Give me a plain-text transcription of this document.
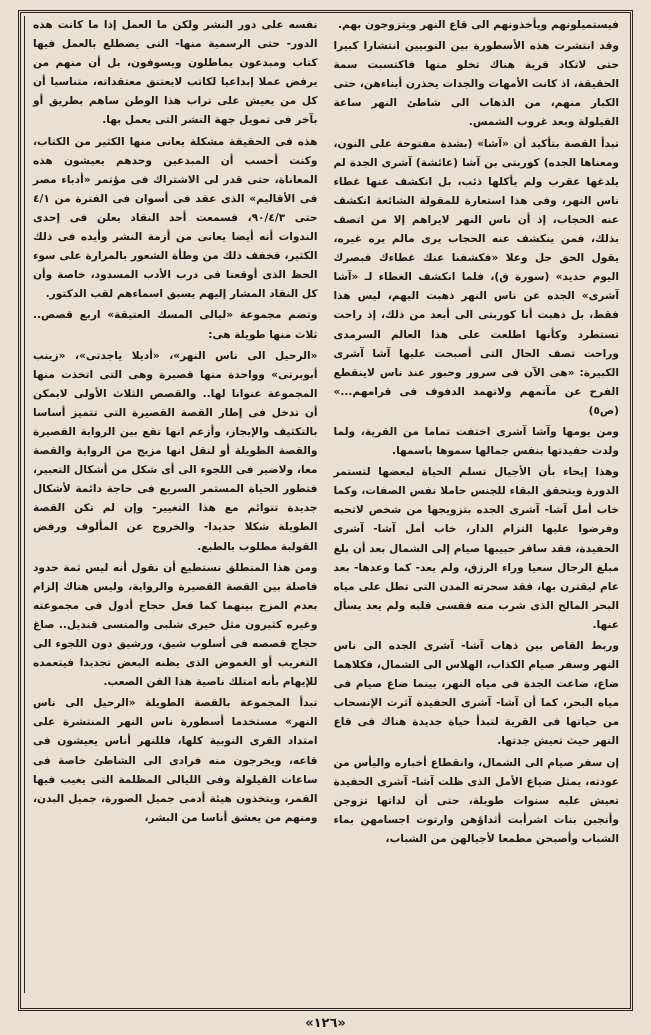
نفسه على دور النشر ولكن ما العمل إذا ما كانت هذه الدور- حتى الرسمية منها- التى يضطلع بالعمل فيها كتاب ومبدعون يماطلون ويسوفون، بل أن منهم من يرفض عملا إبداعيا لكاتب لايعتنق معتقداته، متناسيا أن كل من يعيش على تراب هذا الوطن ساهم بطريق أو بآخر فى تمويل جهة النشر التى يعمل بها.

هذه فى الحقيقة مشكلة يعانى منها الكثير من الكتاب، وكنت أحسب أن المبدعين وحدهم يعيشون هذه المعاناة، حتى قدر لى الاشتراك فى مؤتمر «أدباء مصر فى الأقاليم» الذى عقد فى أسوان فى الفترة من ٤/١ حتى ٩٠/٤/٣، فسمعت أحد النقاد يعلن فى إحدى الندوات أنه أيضا يعانى من أزمة النشر وأيده فى ذلك الكثير، فخفف ذلك من وطأة الشعور بالمرارة على سوء الحظ الذى أوقعنا فى درب الأدب المسدود، خاصة وأن كل النقاد المشار إليهم يسبق اسماءهم لقب الدكتور.

وتضم مجموعة «ليالى المسك العتيقة» اربع قصص.. ثلاث منها طويلة هى:

«الرحيل الى ناس النهر»، «أديلا ياجدتى»، «زينب أبوبرتى» وواحدة منها قصيرة وهى التى اتخذت منها المجموعة عنوانا لها.. والقصص الثلاث الأولى لايمكن أن تدخل فى إطار القصة القصيرة التى تتميز أساسا بالتكثيف والإيجاز، وأزعم انها تقع بين الرواية القصيرة والقصة الطويلة أو لنقل انها مزيج من الرواية والقصة معا، ولاضير فى اللجوء الى أى شكل من أشكال التعبير، فتطور الحياة المستمر السريع فى حاجة دائمة لأشكال جديدة تتوائم مع هذا التغيير- وإن لم تكن القصة الطويلة شكلا جديدا- والخروج عن المألوف ورفض القولبة مطلوب بالطبع.

ومن هذا المنطلق نستطيع أن نقول أنه ليس ثمة حدود فاصلة بين القصة القصيرة والرواية، وليس هناك إلزام بعدم المزج بينهما كما فعل حجاج أدول فى مجموعته وغيره كثيرون مثل خيرى شلبى والمنسى قنديل.. صاغ حجاج قصصه فى أسلوب شيق، ورشيق دون اللجوء الى التغريب أو الغموض الذى يظنه البعض تجديدا فيتعمده للإيهام بأنه امتلك ناصية هذا الفن الصعب.

تبدأ المجموعة بالقصة الطويلة «الرحيل الى ناس النهر» مستخدما أسطورة ناس النهر المنتشرة على امتداد القرى النوبية كلها، فللنهر أناس يعيشون فى قاعه، ويخرجون منه فرادى الى الشاطئ خاصة فى ساعات القيلولة وفى الليالى المظلمة التى يغيب فيها القمر، ويتخذون هيئة أدمى جميل الصورة، جميل البدن، ومنهم من يعشق أناسا من البشر،

فيستميلونهم ويأخذونهم الى قاع النهر ويتزوجون بهم.

وقد انتشرت هذه الأسطورة بين النوبيين انتشارا كبيرا حتى لاتكاد قرية هناك تخلو منها فاكتسبت سمة الحقيقة، اذ كانت الأمهات والجدات يحذرن أبناءهن، حتى الكبار منهم، من الذهاب الى شاطئ النهر ساعة القيلولة وبعد غروب الشمس.

تبدأ القصة بتأكيد أن «آشا» (بشدة مفتوحة على النون، ومعناها الجده) كوربتى بن آشا (عائشة) آشرى الجدة لم يلدغها عقرب ولم يأكلها ذئب، بل انكشف عنها غطاء ناس النهر، وفى هذا استعارة للمقولة الشائعة انكشف عنه الحجاب، إذ أن ناس النهر لايراهم إلا من اتصف بذلك، فمن ينكشف عنه الحجاب يرى مالم يره غيره، يقول الحق جل وعلا «فكشفنا عنك غطاءك فبصرك اليوم حديد» (سورة ق)، فلما انكشف الغطاء لـ «آشا آشرى» الجده عن ناس النهر ذهبت اليهم، ليس هذا فقط، بل ذهبت أنا كوربتى الى أبعد من ذلك، إذ راحت تستطرد وكأنها اطلعت على هذا العالم السرمدى وراحت تصف الحال التى أصبحت عليها آشا آشرى الكبيرة: «هى الآن فى سرور وحبور عند ناس لاينقطع الفرح عن مآتمهم ولاتهمد الدفوف فى قرامهم...» (ص٥)

ومن يومها وآشا آشرى اختفت تماما من القرية، ولما ولدت حفيدتها بنفس جمالها سموها باسمها.

وهذا إيحاء بأن الأجيال تسلم الحياة لبعضها لتستمر الدورة ويتحقق البقاء للجنس حاملا نفس الصفات، وكما خاب أمل آشا- آشرى الجده بتزويجها من شخص لاتحبه وفرضوا عليها التزام الدار، خاب أمل آشا- آشرى الحفيدة، فقد سافر حبيبها صيام إلى الشمال بعد أن بلغ مبلغ الرجال سعيا وراء الرزق، ولم يعد- كما وعدها- بعد عام ليقترن بها، فقد سحرته المدن التى تطل على مياه البحر المالح الذى شرب منه فقسى قلبه ولم يعد يسأل عنها.

وربط القاص بين ذهاب آشا- آشرى الجده الى ناس النهر وسفر صيام الكذاب، الهلاس الى الشمال، فكلاهما ضاع، ضاعت الجدة فى مياه النهر، بينما ضاع صيام فى مياه البحر، كما أن آشا- آشرى الحفيدة آثرت الإنسحاب من حياتها فى القرية لتبدأ حياة جديدة هناك فى قاع النهر حيث تعيش جدتها.

إن سفر صيام الى الشمال، وانقطاع أخباره واليأس من عودته، يمثل ضياع الأمل الذى ظلت آشا- آشرى الحفيدة تعيش عليه سنوات طويلة، حتى أن لداتها تزوجن وأنجبن بنات اشرأبت أثداؤهن وارتوت اجسامهن بماء الشباب وأصبحن مطمعا لأجيالهن من الشباب،

«١٢٦»
